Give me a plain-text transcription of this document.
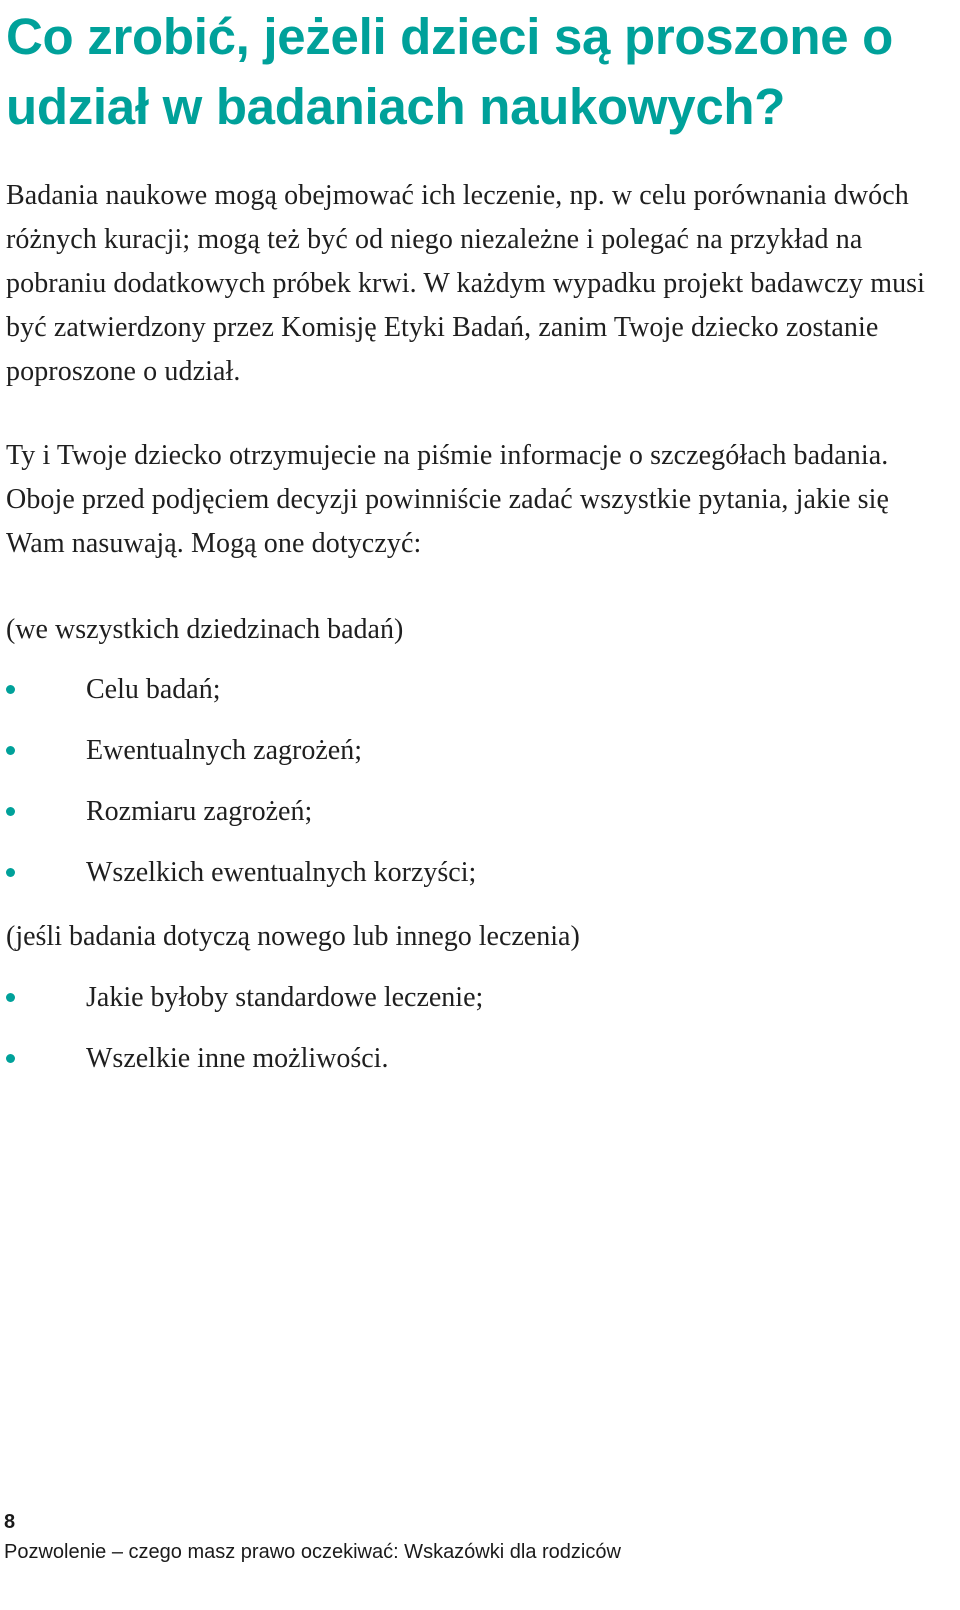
Co zrobić, jeżeli dzieci są proszone o udział w badaniach naukowych?

Badania naukowe mogą obejmować ich leczenie, np. w celu porównania dwóch różnych kuracji; mogą też być od niego niezależne i polegać na przykład na pobraniu dodatkowych próbek krwi. W każdym wypadku projekt badawczy musi być zatwierdzony przez Komisję Etyki Badań, zanim Twoje dziecko zostanie poproszone o udział.

Ty i Twoje dziecko otrzymujecie na piśmie informacje o szczegółach badania. Oboje przed podjęciem decyzji powinniście zadać wszystkie pytania, jakie się Wam nasuwają. Mogą one dotyczyć:

(we wszystkich dziedzinach badań)

Celu badań;
Ewentualnych zagrożeń;
Rozmiaru zagrożeń;
Wszelkich ewentualnych korzyści;

(jeśli badania dotyczą nowego lub innego leczenia)

Jakie byłoby standardowe leczenie;
Wszelkie inne możliwości.

8

Pozwolenie – czego masz prawo oczekiwać: Wskazówki dla rodziców
